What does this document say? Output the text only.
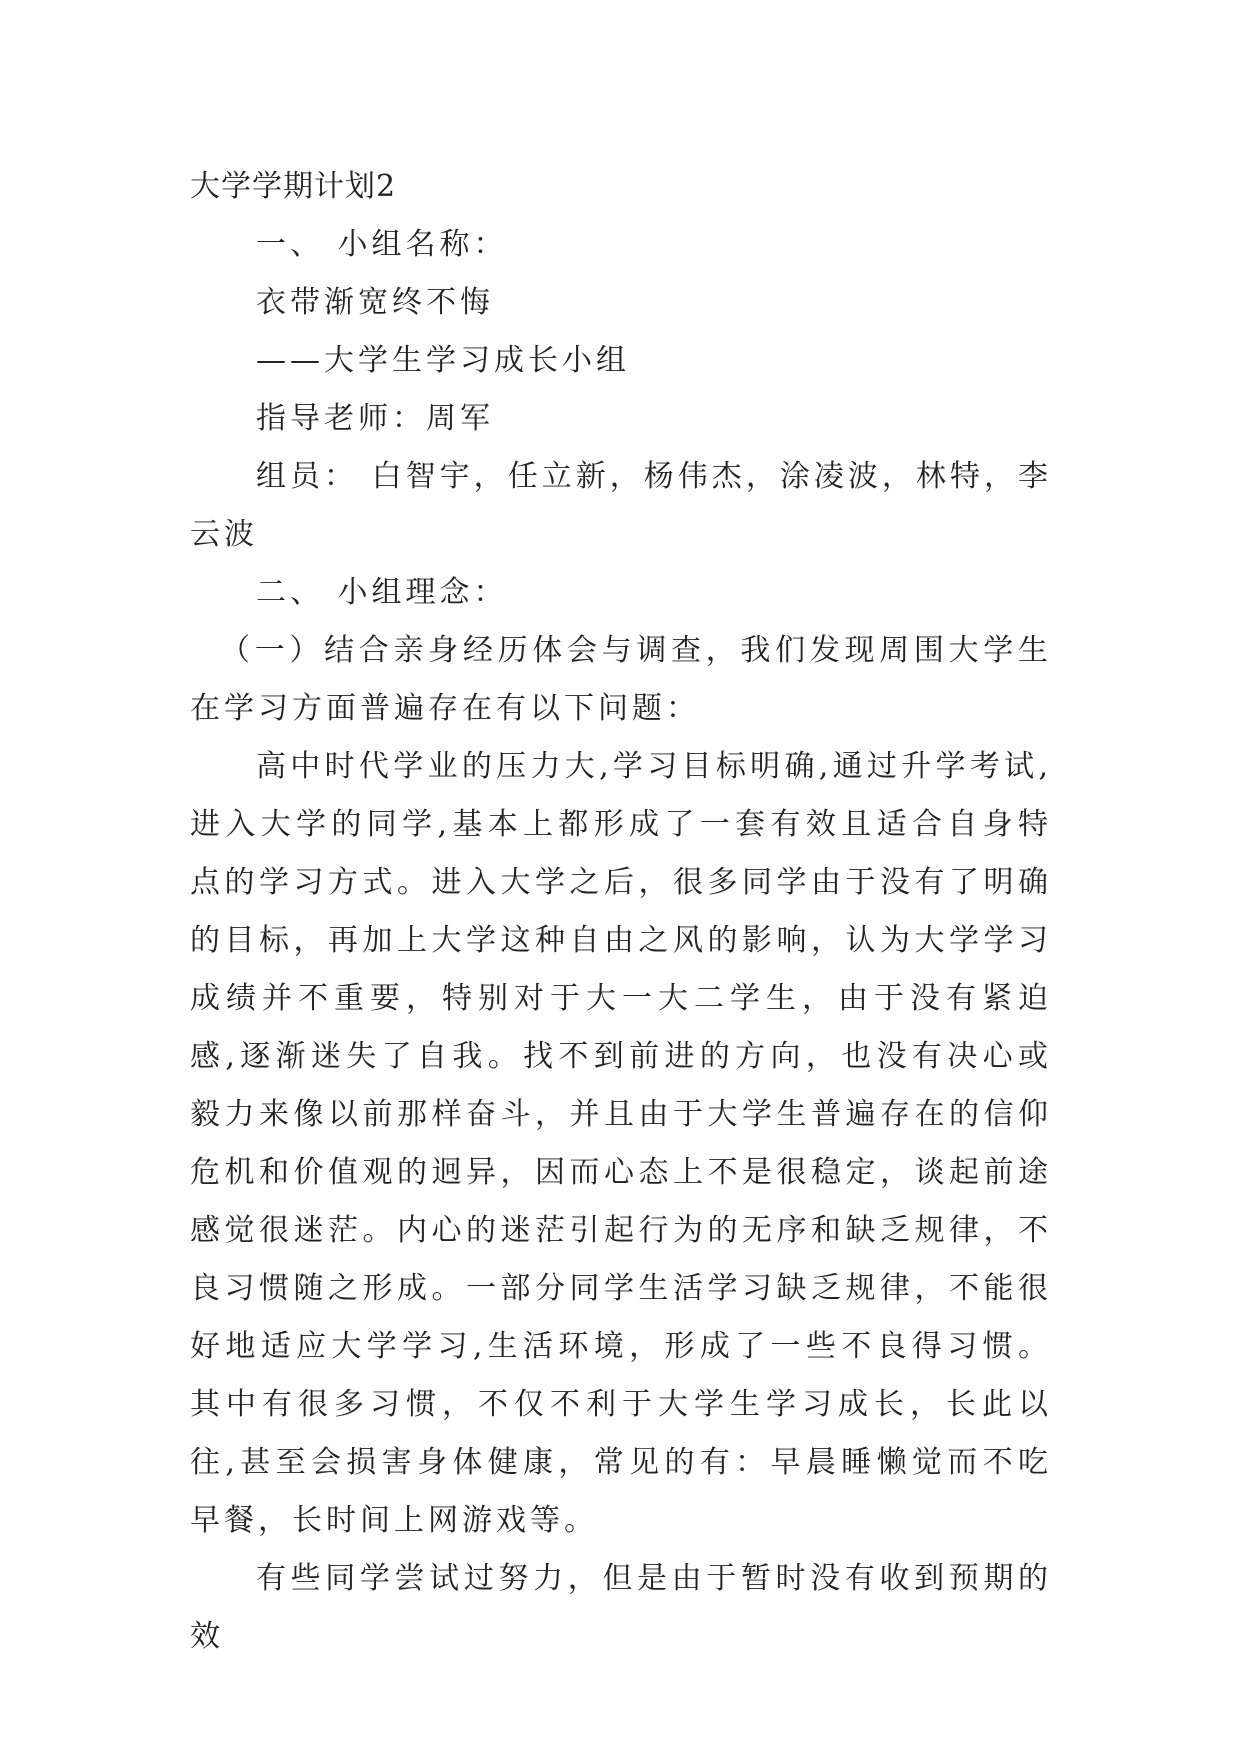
大学学期计划2

一、 小组名称：

衣带渐宽终不悔

——大学生学习成长小组

指导老师：周军

组员： 白智宇，任立新，杨伟杰，涂凌波，林特，李云波

二、 小组理念：

（一）结合亲身经历体会与调查，我们发现周围大学生在学习方面普遍存在有以下问题：

高中时代学业的压力大,学习目标明确,通过升学考试,进入大学的同学,基本上都形成了一套有效且适合自身特点的学习方式。进入大学之后，很多同学由于没有了明确的目标，再加上大学这种自由之风的影响，认为大学学习成绩并不重要，特别对于大一大二学生，由于没有紧迫感,逐渐迷失了自我。找不到前进的方向，也没有决心或毅力来像以前那样奋斗，并且由于大学生普遍存在的信仰危机和价值观的迥异，因而心态上不是很稳定，谈起前途感觉很迷茫。内心的迷茫引起行为的无序和缺乏规律，不良习惯随之形成。一部分同学生活学习缺乏规律，不能很好地适应大学学习,生活环境，形成了一些不良得习惯。其中有很多习惯，不仅不利于大学生学习成长，长此以往,甚至会损害身体健康，常见的有：早晨睡懒觉而不吃早餐，长时间上网游戏等。

有些同学尝试过努力，但是由于暂时没有收到预期的效
